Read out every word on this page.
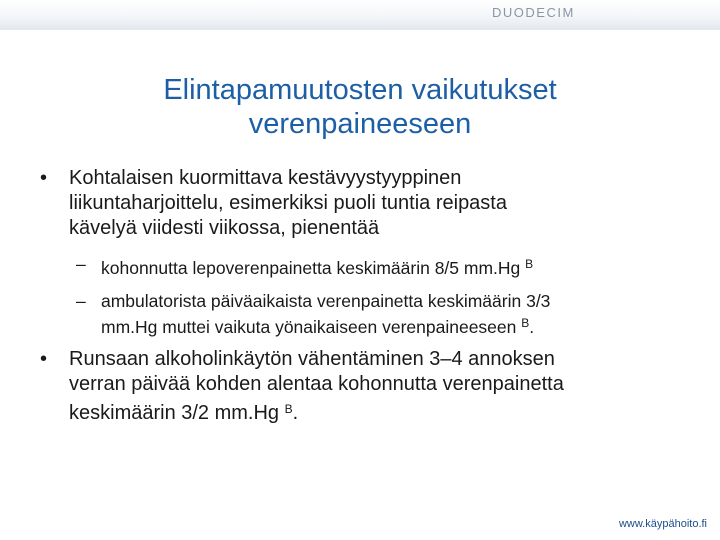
DUODECIM
Elintapamuutosten vaikutukset
verenpaineeseen
• Kohtalaisen kuormittava kestävyystyyppinen
liikuntaharjoittelu, esimerkiksi puoli tuntia reipasta
kävelyä viidesti viikossa, pienentää
– kohonnutta lepoverenpainetta keskimäärin 8/5 mm.Hg $^B$
– ambulatorista päiväaikaista verenpainetta keskimäärin 3/3
mm.Hg muttei vaikuta yönaikaiseen verenpaineeseen $^B$.
• Runsaan alkoholinkäytön vähentäminen 3–4 annoksen
verran päivää kohden alentaa kohonnutta verenpainetta
keskimäärin 3/2 mm.Hg $^B$.
www.käypähoito.fi
